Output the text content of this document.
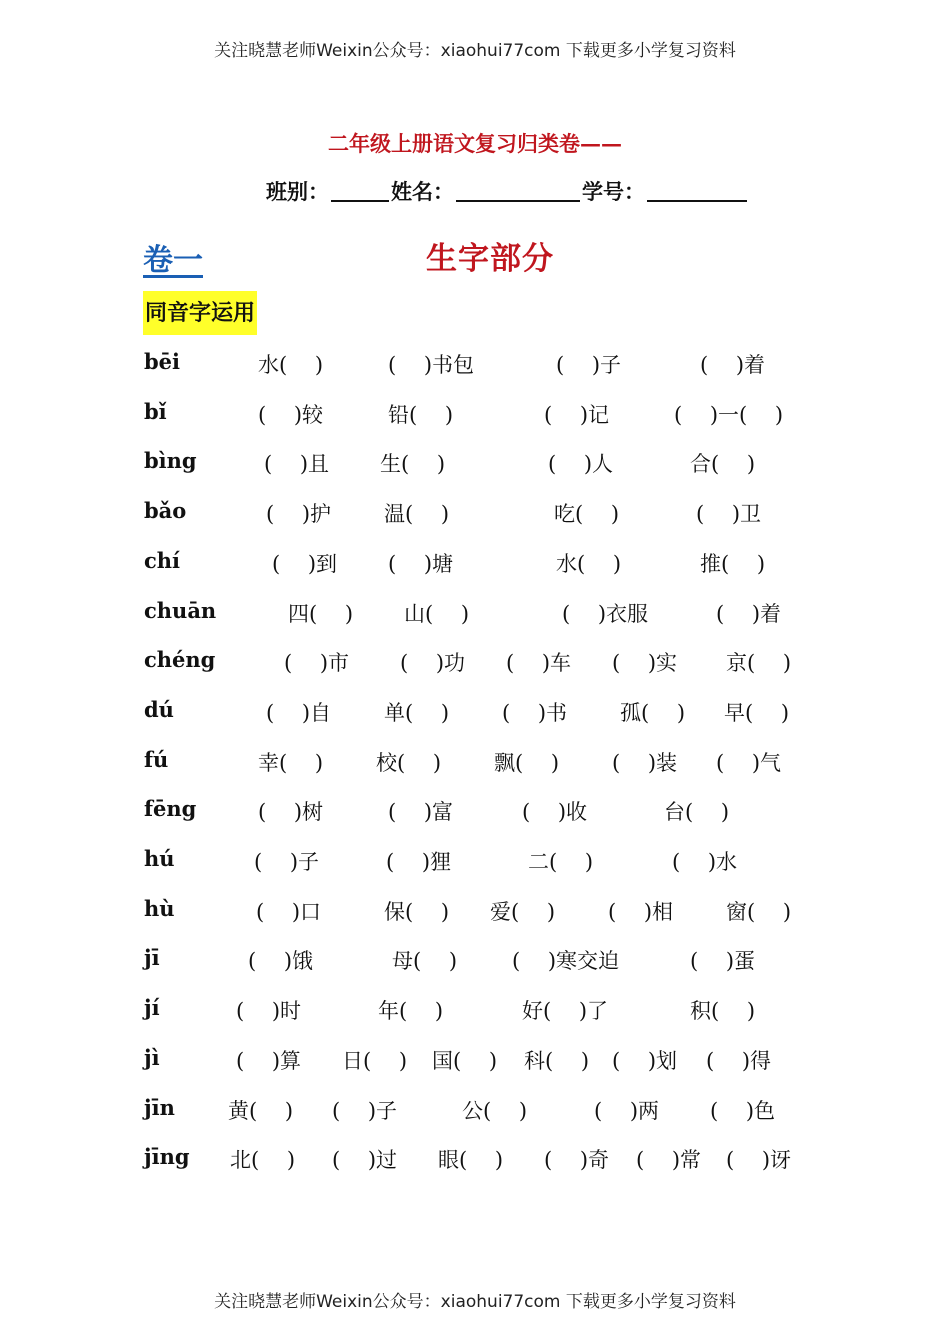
关注晓慧老师Weixin公众号：xiaohui77com 下载更多小学复习资料
二年级上册语文复习归类卷——
班别：	姓名：	学号：
卷一	生字部分
同音字运用
bēi	水(　 )	(　 )书包	(　 )子	(　 )着
bǐ	(　 )较	铅(　 )	(　 )记	(　 )一(　 )
bìng	(　 )且 生(　 )	(　 )人	合(　 )
bǎo	(　 )护	温(　 )	吃(　 )	(　 )卫
chí	(　 )到 (　 )塘	水(　 )	推(　 )
chuān	四(　 ) 山(　 )	(　 )衣服	(　 )着
chéng	(　 )市 (　 )功 (　 )车 (　 )实 京(　 )
dú	(　 )自	单(　 )	(　 )书	孤(　 ) 早(　 )
fú	幸(　 )	校(　 )	飘(　 )	(　 )装 (　 )气
fēng	(　 )树	(　 )富	(　 )收	台(　 )
hú	(　 )子	(　 )狸	二(　 )	(　 )水
hù	(　 )口	保(　 ) 爱(　 )	(　 )相	窗(　 )
jī	(　 )饿	母(　 )	(　 )寒交迫	(　 )蛋
jí	(　 )时	年(　 )	好(　 )了	积(　 )
jì	(　 )算 日(　 ) 国(　 ) 科(　 ) (　 )划 (　 )得
jīn	黄(　 ) (　 )子	公(　 )	(　 )两 (　 )色
jīng 北(　 ) (　 )过 眼(　 ) (　 )奇 (　 )常 (　 )讶
关注晓慧老师Weixin公众号：xiaohui77com 下载更多小学复习资料
